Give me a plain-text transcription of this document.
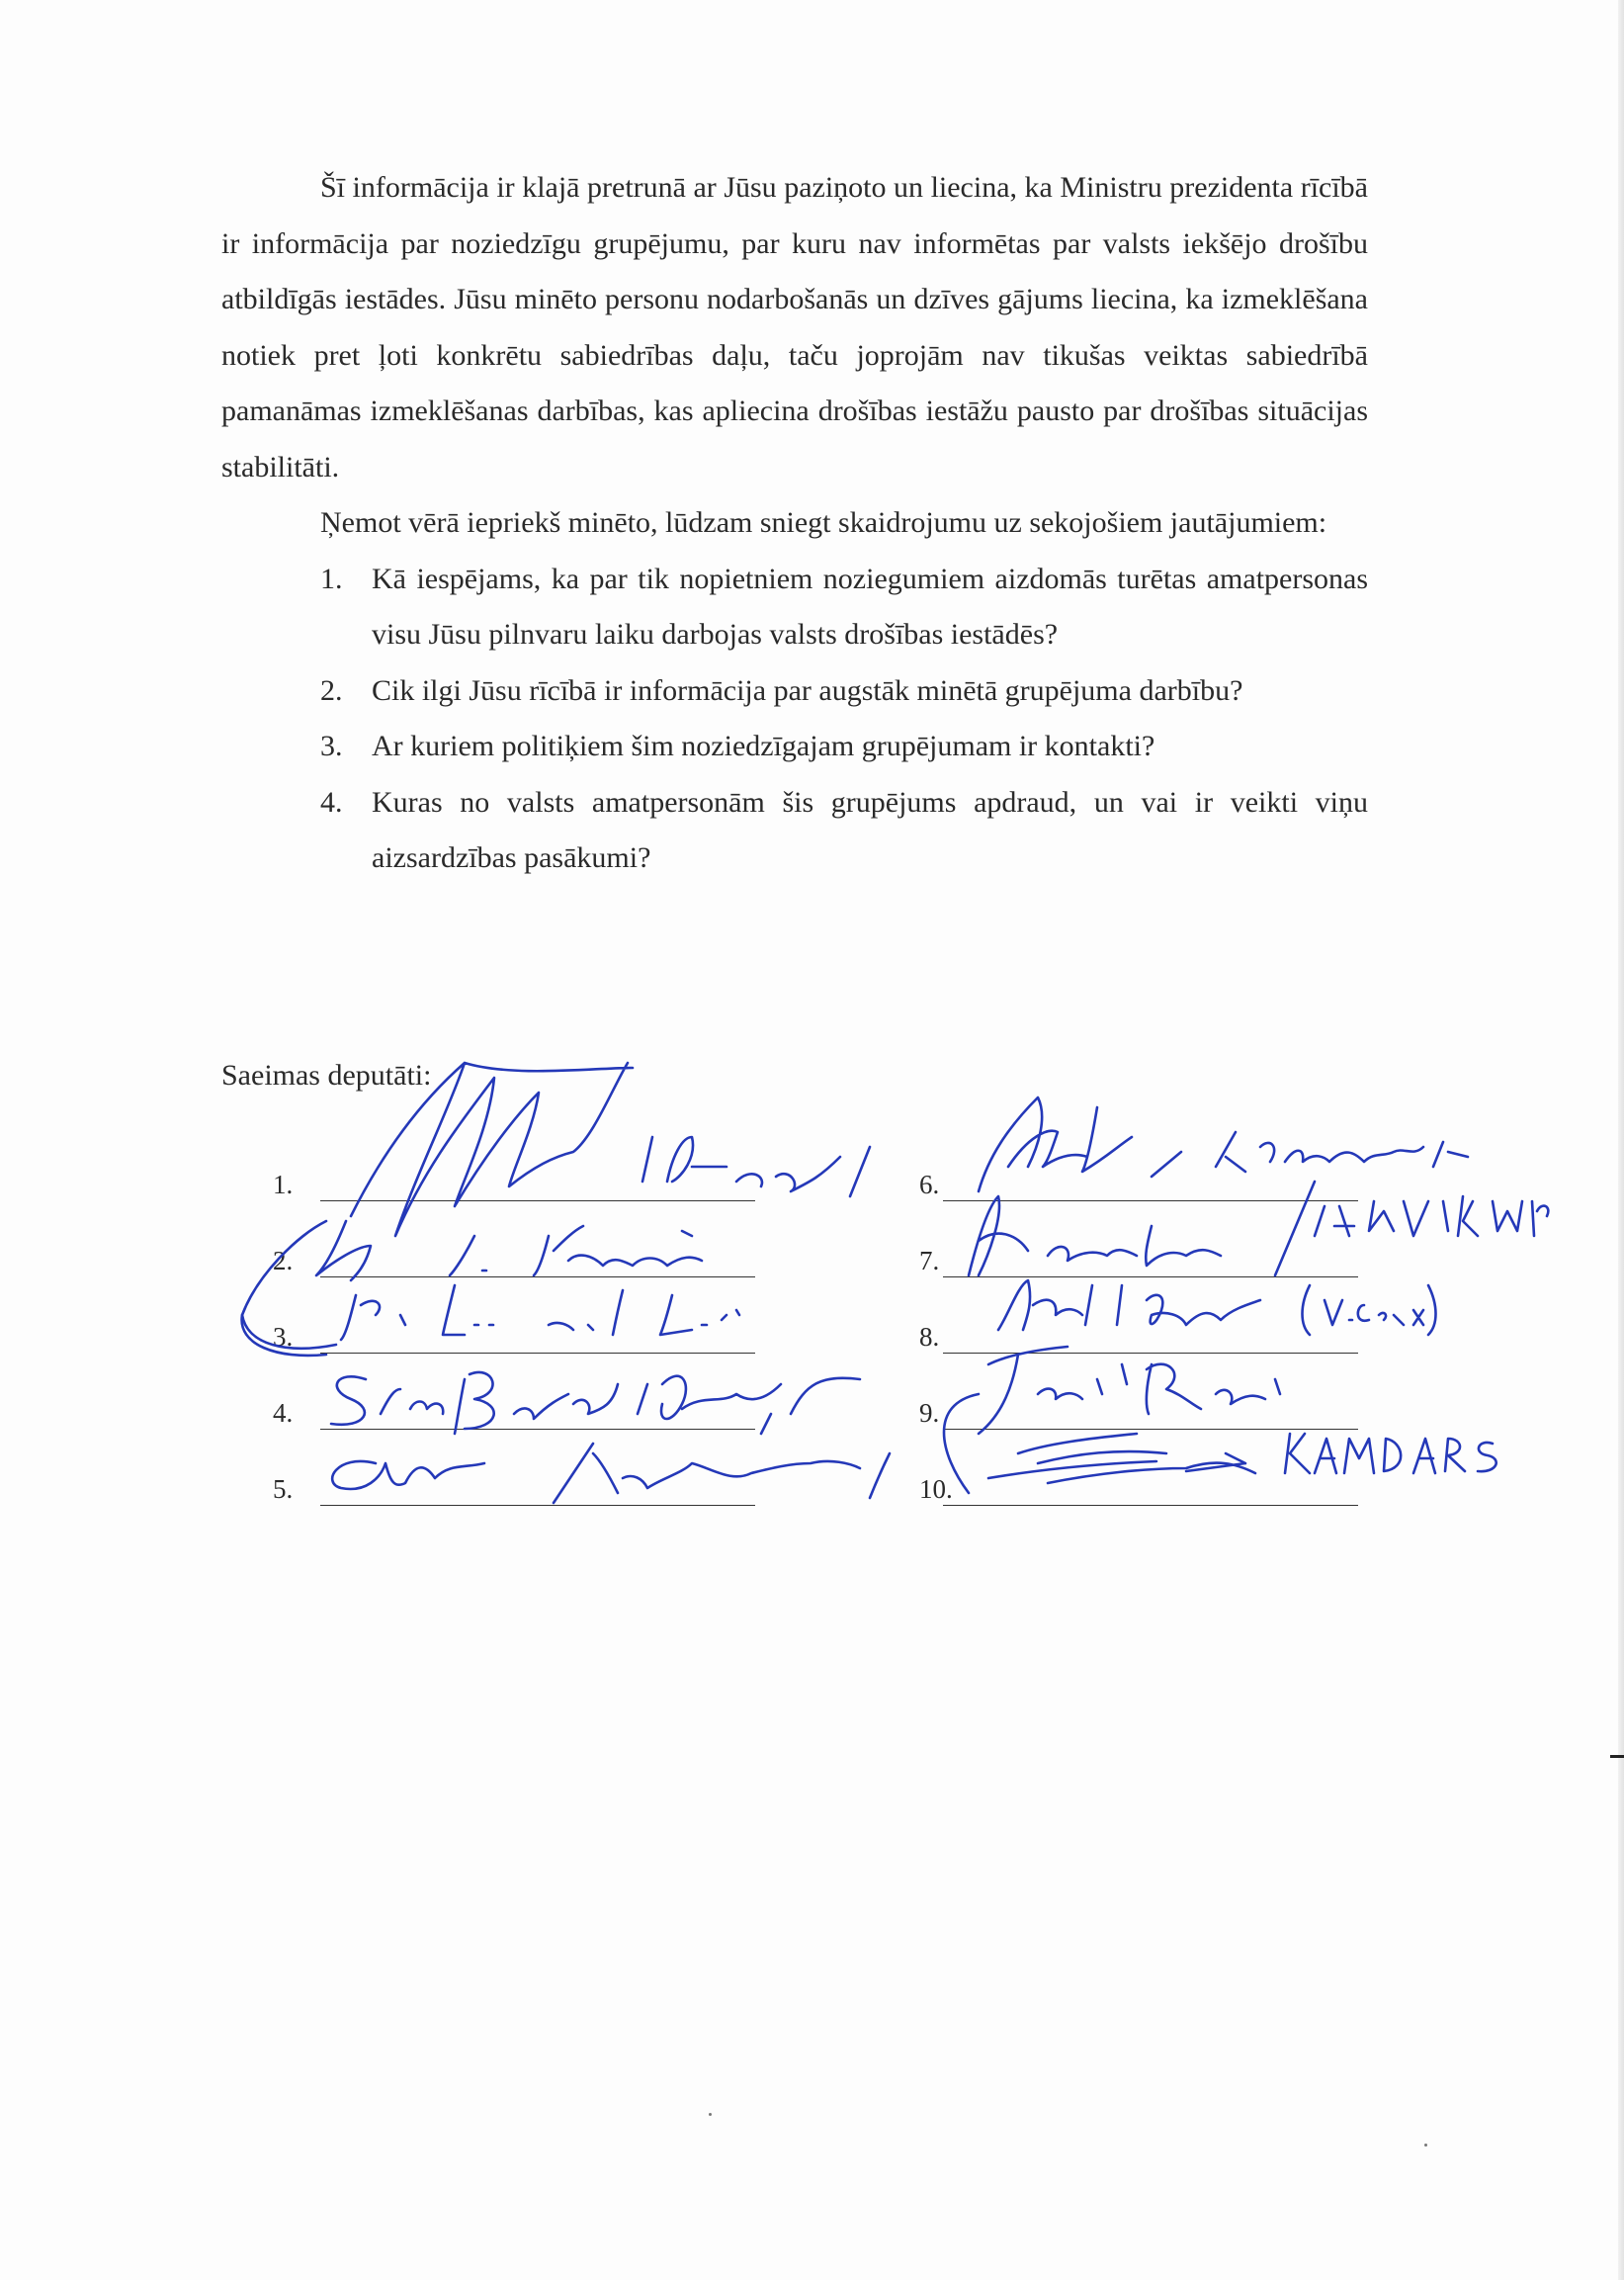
Šī informācija ir klajā pretrunā ar Jūsu paziņoto un liecina, ka Ministru prezidenta rīcībā ir informācija par noziedzīgu grupējumu, par kuru nav informētas par valsts iekšējo drošību atbildīgās iestādes. Jūsu minēto personu nodarbošanās un dzīves gājums liecina, ka izmeklēšana notiek pret ļoti konkrētu sabiedrības daļu, taču joprojām nav tikušas veiktas sabiedrībā pamanāmas izmeklēšanas darbības, kas apliecina drošības iestāžu pausto par drošības situācijas stabilitāti.

Ņemot vērā iepriekš minēto, lūdzam sniegt skaidrojumu uz sekojošiem jautājumiem:

1. Kā iespējams, ka par tik nopietniem noziegumiem aizdomās turētas amatpersonas visu Jūsu pilnvaru laiku darbojas valsts drošības iestādēs?
2. Cik ilgi Jūsu rīcībā ir informācija par augstāk minētā grupējuma darbību?
3. Ar kuriem politiķiem šim noziedzīgajam grupējumam ir kontakti?
4. Kuras no valsts amatpersonām šis grupējums apdraud, un vai ir veikti viņu aizsardzības pasākumi?
Saeimas deputāti:
1.
2.
3.
4.
5.
6.
7.
8.
9.
10.
